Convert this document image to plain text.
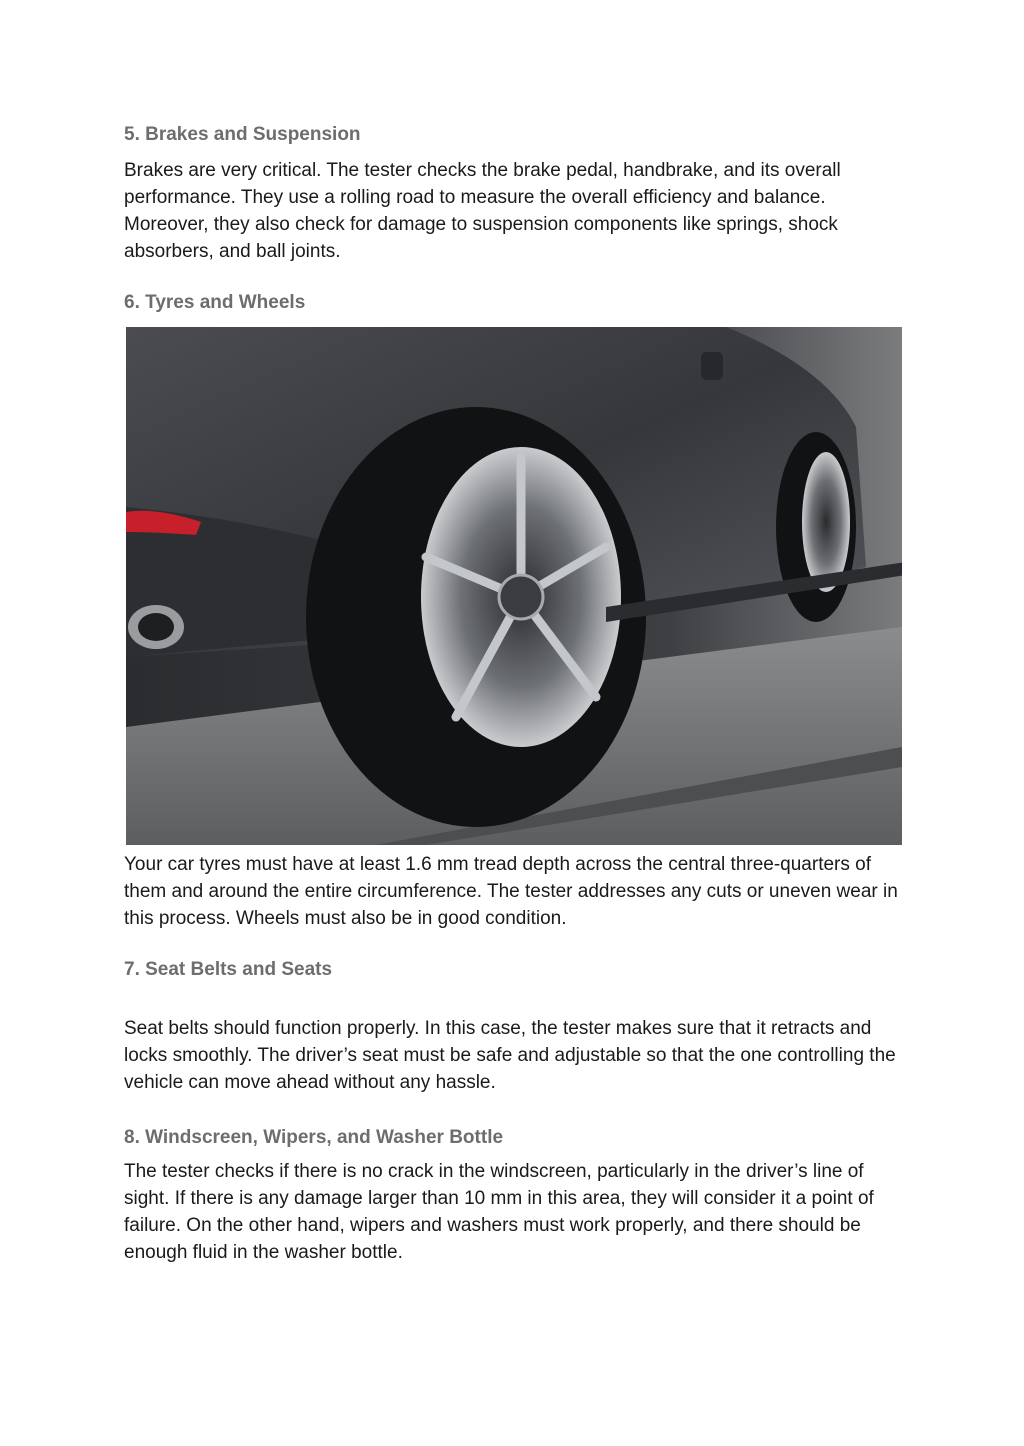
5. Brakes and Suspension

Brakes are very critical. The tester checks the brake pedal, handbrake, and its overall performance. They use a rolling road to measure the overall efficiency and balance. Moreover, they also check for damage to suspension components like springs, shock absorbers, and ball joints.

6. Tyres and Wheels

Your car tyres must have at least 1.6 mm tread depth across the central three-quarters of them and around the entire circumference. The tester addresses any cuts or uneven wear in this process. Wheels must also be in good condition.

7. Seat Belts and Seats

Seat belts should function properly. In this case, the tester makes sure that it retracts and locks smoothly. The driver’s seat must be safe and adjustable so that the one controlling the vehicle can move ahead without any hassle.

8. Windscreen, Wipers, and Washer Bottle

The tester checks if there is no crack in the windscreen, particularly in the driver’s line of sight. If there is any damage larger than 10 mm in this area, they will consider it a point of failure. On the other hand, wipers and washers must work properly, and there should be enough fluid in the washer bottle.
